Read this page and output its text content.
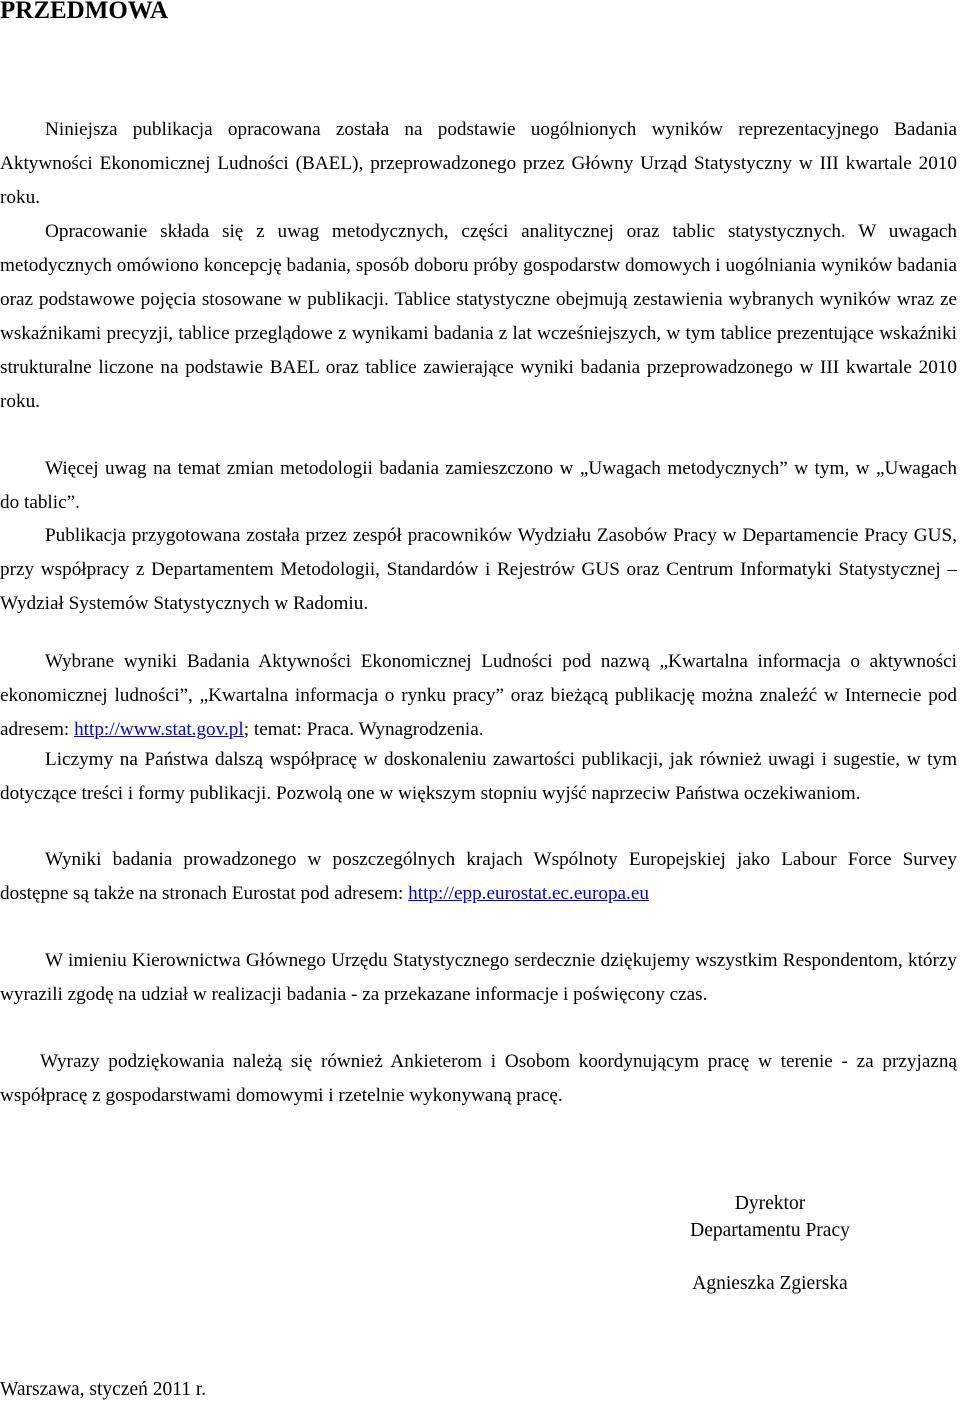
PRZEDMOWA

Niniejsza publikacja opracowana została na podstawie uogólnionych wyników reprezentacyjnego Badania Aktywności Ekonomicznej Ludności (BAEL), przeprowadzonego przez Główny Urząd Statystyczny w III kwartale 2010 roku.

Opracowanie składa się z uwag metodycznych, części analitycznej oraz tablic statystycznych. W uwagach metodycznych omówiono koncepcję badania, sposób doboru próby gospodarstw domowych i uogólniania wyników badania oraz podstawowe pojęcia stosowane w publikacji. Tablice statystyczne obejmują zestawienia wybranych wyników wraz ze wskaźnikami precyzji, tablice przeglądowe z wynikami badania z lat wcześniejszych, w tym tablice prezentujące wskaźniki strukturalne liczone na podstawie BAEL oraz tablice zawierające wyniki badania przeprowadzonego w III kwartale 2010 roku.

Więcej uwag na temat zmian metodologii badania zamieszczono w „Uwagach metodycznych” w tym, w „Uwagach do tablic”.

Publikacja przygotowana została przez zespół pracowników Wydziału Zasobów Pracy w Departamencie Pracy GUS, przy współpracy z Departamentem Metodologii, Standardów i Rejestrów GUS oraz Centrum Informatyki Statystycznej – Wydział Systemów Statystycznych w Radomiu.

Wybrane wyniki Badania Aktywności Ekonomicznej Ludności pod nazwą „Kwartalna informacja o aktywności ekonomicznej ludności”, „Kwartalna informacja o rynku pracy” oraz bieżącą publikację można znaleźć w Internecie pod adresem: http://www.stat.gov.pl; temat: Praca. Wynagrodzenia.

Liczymy na Państwa dalszą współpracę w doskonaleniu zawartości publikacji, jak również uwagi i sugestie, w tym dotyczące treści i formy publikacji. Pozwolą one w większym stopniu wyjść naprzeciw Państwa oczekiwaniom.

Wyniki badania prowadzonego w poszczególnych krajach Wspólnoty Europejskiej jako Labour Force Survey dostępne są także na stronach Eurostat pod adresem: http://epp.eurostat.ec.europa.eu

W imieniu Kierownictwa Głównego Urzędu Statystycznego serdecznie dziękujemy wszystkim Respondentom, którzy wyrazili zgodę na udział w realizacji badania - za przekazane informacje i poświęcony czas.

Wyrazy podziękowania należą się również Ankieterom i Osobom koordynującym pracę w terenie - za przyjazną współpracę z gospodarstwami domowymi i rzetelnie wykonywaną pracę.

Dyrektor

Departamentu Pracy

Agnieszka Zgierska

Warszawa, styczeń 2011 r.
